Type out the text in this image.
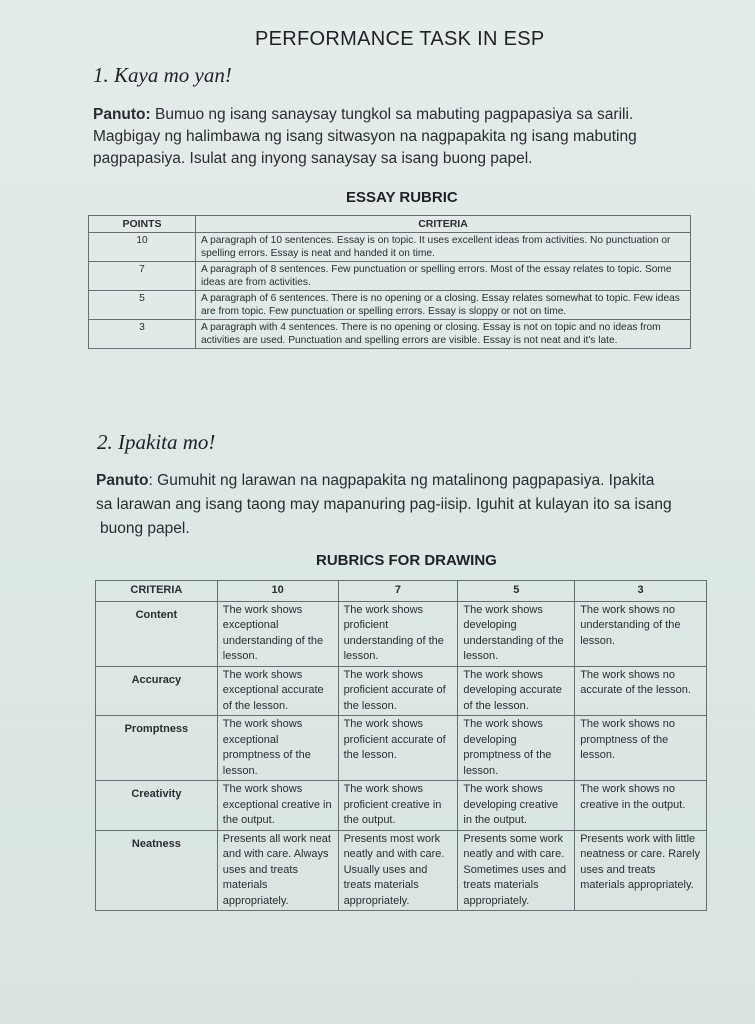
PERFORMANCE TASK IN ESP
1. Kaya mo yan!
Panuto: Bumuo ng isang sanaysay tungkol sa mabuting pagpapasiya sa sarili.
Magbigay ng halimbawa ng isang sitwasyon na nagpapakita ng isang mabuting
pagpapasiya. Isulat ang inyong sanaysay sa isang buong papel.
ESSAY RUBRIC
POINTS	CRITERIA
10	A paragraph of 10 sentences. Essay is on topic. It uses excellent ideas from activities. No punctuation or spelling errors. Essay is neat and handed it on time.
7	A paragraph of 8 sentences. Few punctuation or spelling errors. Most of the essay relates to topic. Some ideas are from activities.
5	A paragraph of 6 sentences. There is no opening or a closing. Essay relates somewhat to topic. Few ideas are from topic. Few punctuation or spelling errors. Essay is sloppy or not on time.
3	A paragraph with 4 sentences. There is no opening or closing. Essay is not on topic and no ideas from activities are used. Punctuation and spelling errors are visible. Essay is not neat and it's late.
2. Ipakita mo!
Panuto: Gumuhit ng larawan na nagpapakita ng matalinong pagpapasiya. Ipakita
sa larawan ang isang taong may mapanuring pag-iisip. Iguhit at kulayan ito sa isang
buong papel.
RUBRICS FOR DRAWING
CRITERIA	10	7	5	3
Content	The work shows exceptional understanding of the lesson.	The work shows proficient understanding of the lesson.	The work shows developing understanding of the lesson.	The work shows no understanding of the lesson.
Accuracy	The work shows exceptional accurate of the lesson.	The work shows proficient accurate of the lesson.	The work shows developing accurate of the lesson.	The work shows no accurate of the lesson.
Promptness	The work shows exceptional promptness of the lesson.	The work shows proficient accurate of the lesson.	The work shows developing promptness of the lesson.	The work shows no promptness of the lesson.
Creativity	The work shows exceptional creative in the output.	The work shows proficient creative in the output.	The work shows developing creative in the output.	The work shows no creative in the output.
Neatness	Presents all work neat and with care. Always uses and treats materials appropriately.	Presents most work neatly and with care. Usually uses and treats materials appropriately.	Presents some work neatly and with care. Sometimes uses and treats materials appropriately.	Presents work with little neatness or care. Rarely uses and treats materials appropriately.
